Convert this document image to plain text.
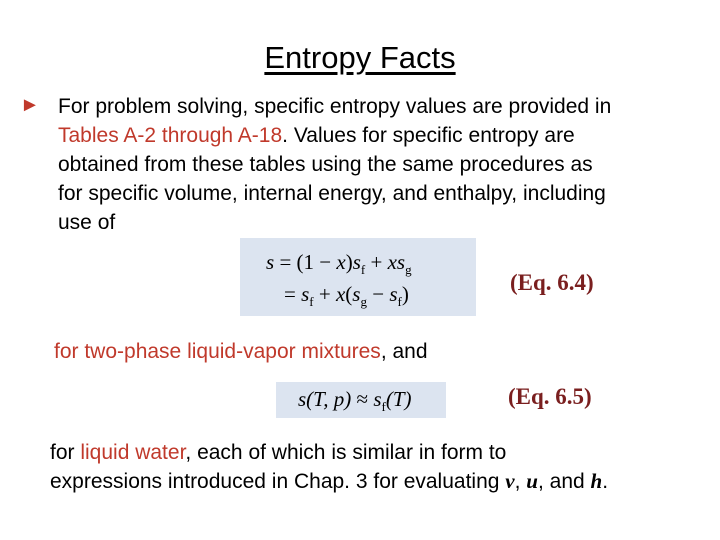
Entropy Facts
► For problem solving, specific entropy values are provided in
Tables A-2 through A-18. Values for specific entropy are
obtained from these tables using the same procedures as
for specific volume, internal energy, and enthalpy, including
use of
$s = (1 - x)s_f + xs_g$
= $s_f + x(s_g - s_f)$	(Eq. 6.4)
for two-phase liquid-vapor mixtures, and
s(T, $p) \approx s_f(T)$	(Eq. 6.5)
for liquid water, each of which is similar in form to
expressions introduced in Chap. 3 for evaluating v, u, and h.
